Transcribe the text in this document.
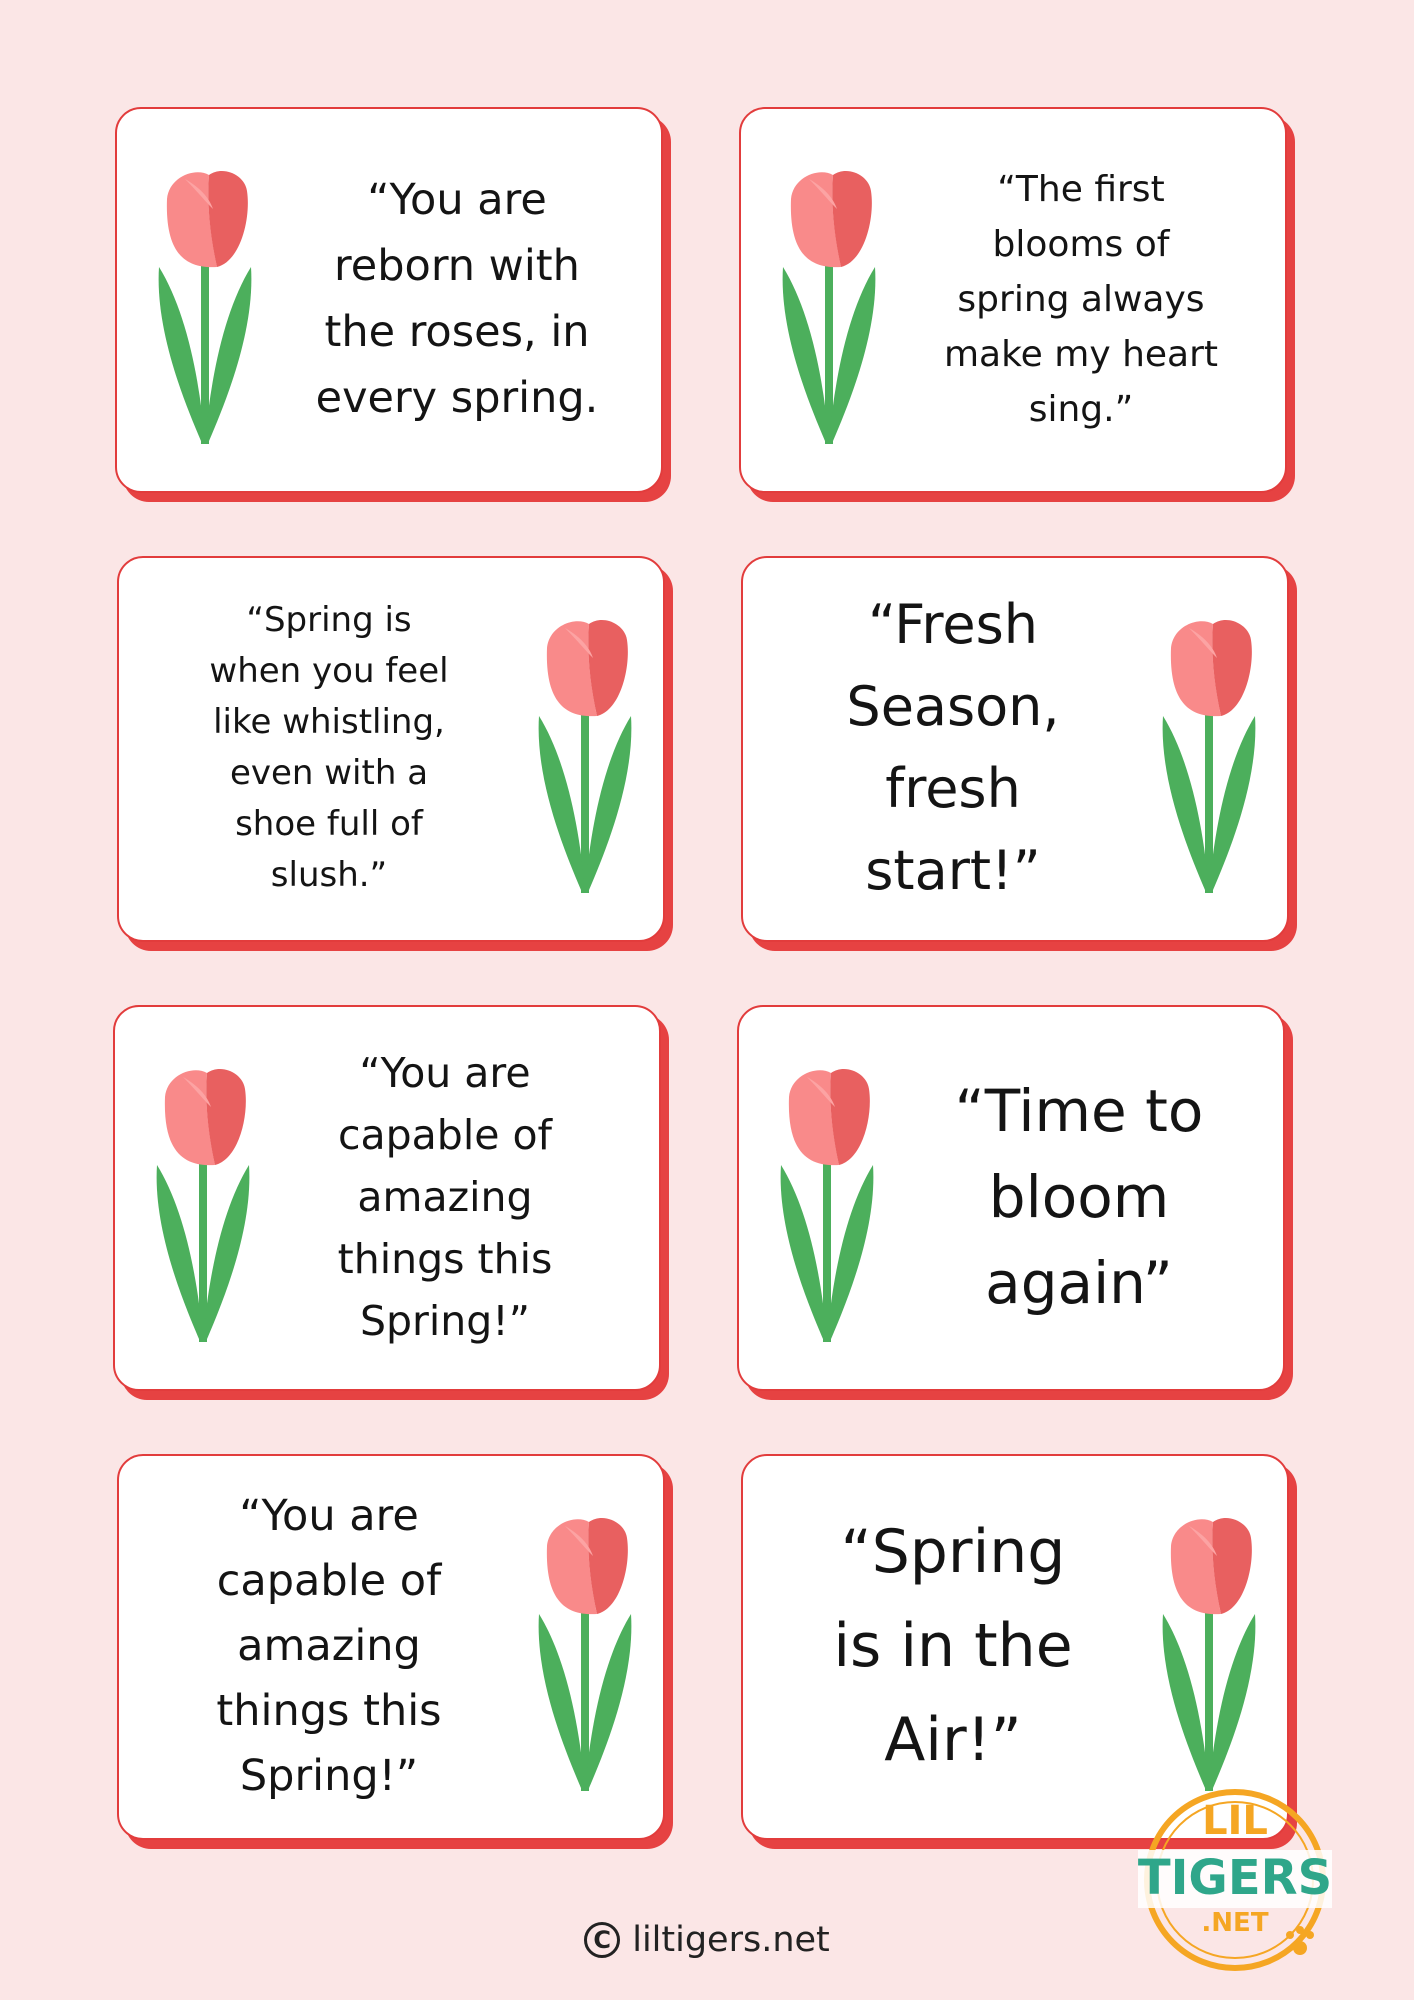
“You are
reborn with
the roses, in
every spring.
“The first
blooms of
spring always
make my heart
sing.”
“Spring is
when you feel
like whistling,
even with a
shoe full of
slush.”
“Fresh
Season,
fresh
start!”
“You are
capable of
amazing
things this
Spring!”
“Time to
bloom
again”
“You are
capable of
amazing
things this
Spring!”
“Spring
is in the
Air!”
LIL
TIGERS
.NET
C liltigers.net
